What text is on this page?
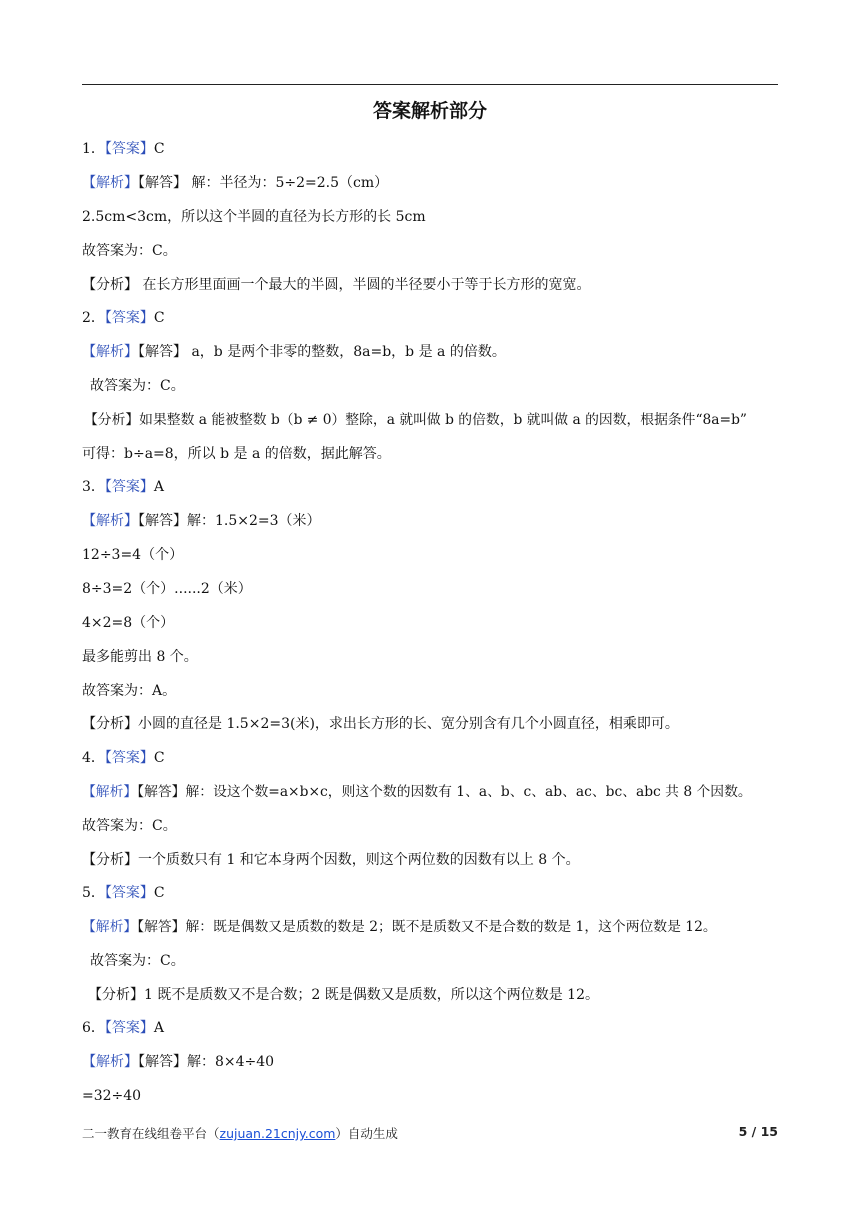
答案解析部分
1．【答案】C
【解析】【解答】 解：半径为：5÷2=2.5（cm）
2.5cm<3cm，所以这个半圆的直径为长方形的长 5cm
故答案为：C。
【分析】 在长方形里面画一个最大的半圆，半圆的半径要小于等于长方形的宽宽。
2．【答案】C
【解析】【解答】 a，b 是两个非零的整数，8a=b，b 是 a 的倍数。
故答案为：C。
【分析】如果整数 a 能被整数 b（b ≠ 0）整除，a 就叫做 b 的倍数，b 就叫做 a 的因数，根据条件“8a=b”
可得：b÷a=8，所以 b 是 a 的倍数，据此解答。
3．【答案】A
【解析】【解答】解：1.5×2=3（米）
12÷3=4（个）
8÷3=2（个）......2（米）
4×2=8（个）
最多能剪出 8 个。
故答案为：A。
【分析】小圆的直径是 1.5×2=3(米)，求出长方形的长、宽分别含有几个小圆直径，相乘即可。
4．【答案】C
【解析】【解答】解：设这个数=a×b×c，则这个数的因数有 1、a、b、c、ab、ac、bc、abc 共 8 个因数。
故答案为：C。
【分析】一个质数只有 1 和它本身两个因数，则这个两位数的因数有以上 8 个。
5．【答案】C
【解析】【解答】解：既是偶数又是质数的数是 2；既不是质数又不是合数的数是 1，这个两位数是 12。
故答案为：C。
【分析】1 既不是质数又不是合数；2 既是偶数又是质数，所以这个两位数是 12。
6．【答案】A
【解析】【解答】解：8×4÷40
=32÷40
二一教育在线组卷平台（zujuan.21cnjy.com）自动生成	5 / 15
